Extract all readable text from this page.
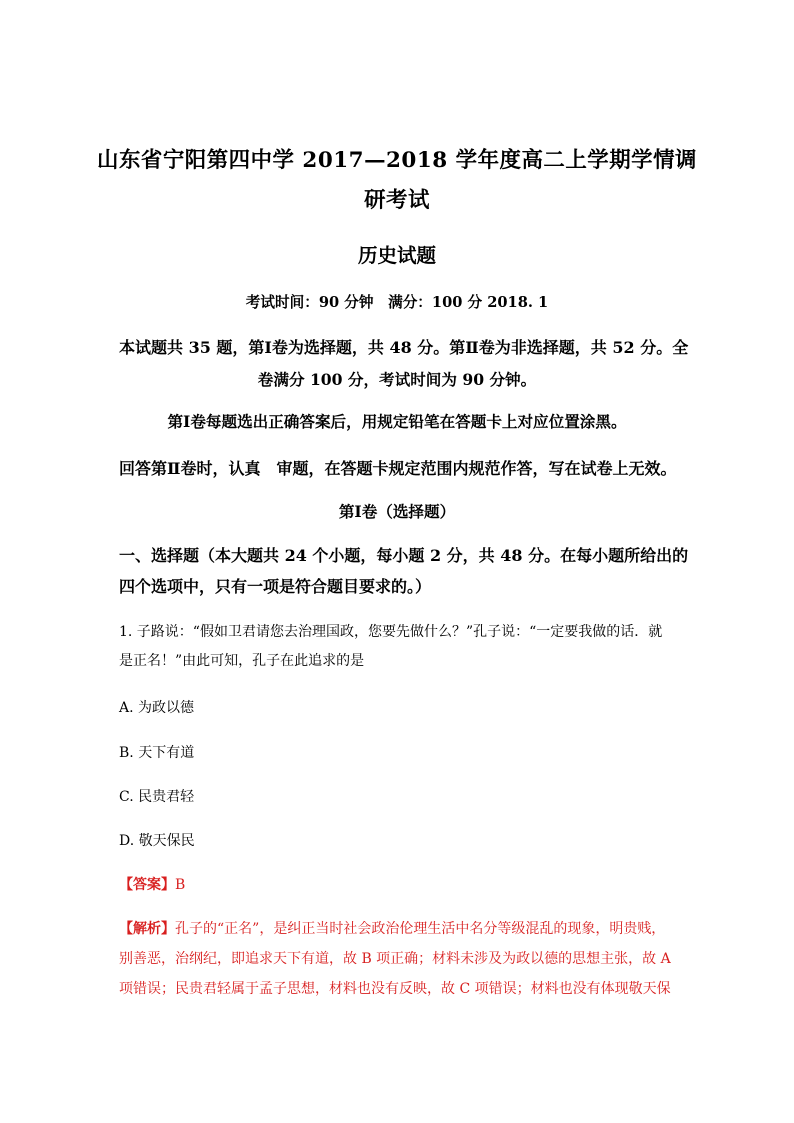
山东省宁阳第四中学 2017—2018 学年度高二上学期学情调
研考试
历史试题
考试时间：90 分钟　满分：100 分 2018. 1
本试题共 35 题，第Ⅰ卷为选择题，共 48 分。第Ⅱ卷为非选择题，共 52 分。全
卷满分 100 分，考试时间为 90 分钟。
第Ⅰ卷每题选出正确答案后，用规定铅笔在答题卡上对应位置涂黑。
回答第Ⅱ卷时，认真　审题，在答题卡规定范围内规范作答，写在试卷上无效。
第Ⅰ卷（选择题）
一、选择题（本大题共 24 个小题，每小题 2 分，共 48 分。在每小题所给出的
四个选项中，只有一项是符合题目要求的。）
1. 子路说：“假如卫君请您去治理国政，您要先做什么？”孔子说：“一定要我做的话．就
是正名！”由此可知，孔子在此追求的是
A. 为政以德
B. 天下有道
C. 民贵君轻
D. 敬天保民
【答案】B
【解析】孔子的“正名”，是纠正当时社会政治伦理生活中名分等级混乱的现象，明贵贱，
别善恶，治纲纪，即追求天下有道，故 B 项正确；材料未涉及为政以德的思想主张，故 A
项错误；民贵君轻属于孟子思想，材料也没有反映，故 C 项错误；材料也没有体现敬天保
